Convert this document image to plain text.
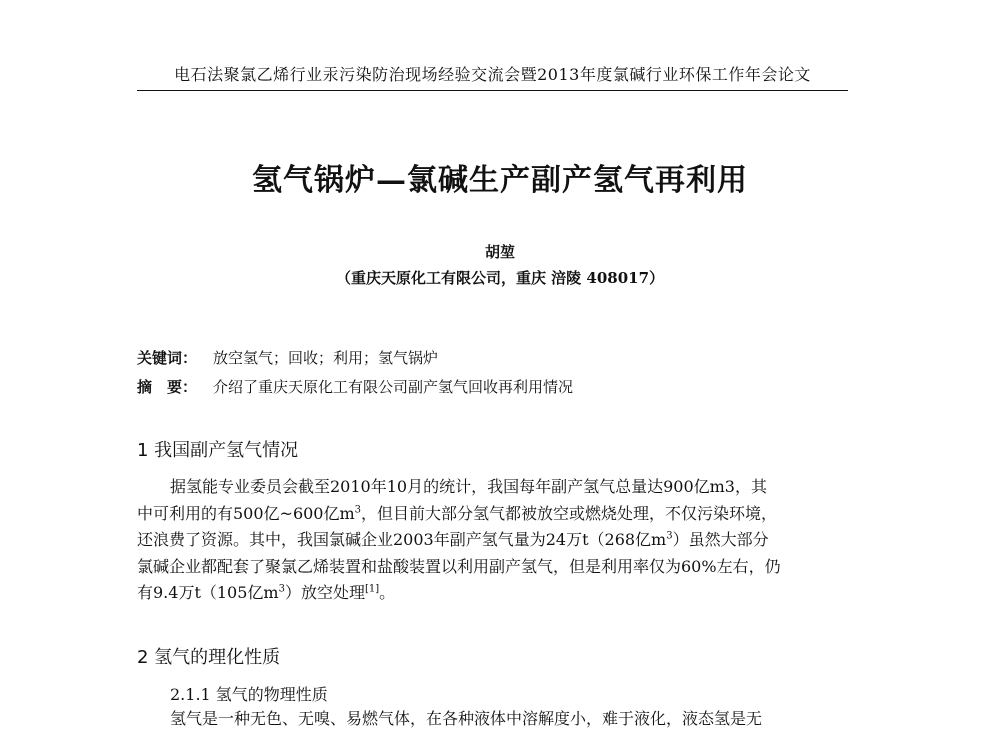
电石法聚氯乙烯行业汞污染防治现场经验交流会暨2013年度氯碱行业环保工作年会论文
氢气锅炉—氯碱生产副产氢气再利用
胡堃
（重庆天原化工有限公司，重庆 涪陵 408017）
关键词： 放空氢气；回收；利用；氢气锅炉
摘　要： 介绍了重庆天原化工有限公司副产氢气回收再利用情况
1 我国副产氢气情况
据氢能专业委员会截至2010年10月的统计，我国每年副产氢气总量达900亿m3，其
中可利用的有500亿~600亿$m^3$，但目前大部分氢气都被放空或燃烧处理，不仅污染环境，
还浪费了资源。其中，我国氯碱企业2003年副产氢气量为24万t（268亿$m^3$）虽然大部分
氯碱企业都配套了聚氯乙烯装置和盐酸装置以利用副产氢气，但是利用率仅为60%左右，仍
有9.4万t（105亿$m^3$）放空处理[1]。
2 氢气的理化性质
2.1.1 氢气的物理性质
氢气是一种无色、无嗅、易燃气体，在各种液体中溶解度小，难于液化，液态氢是无
